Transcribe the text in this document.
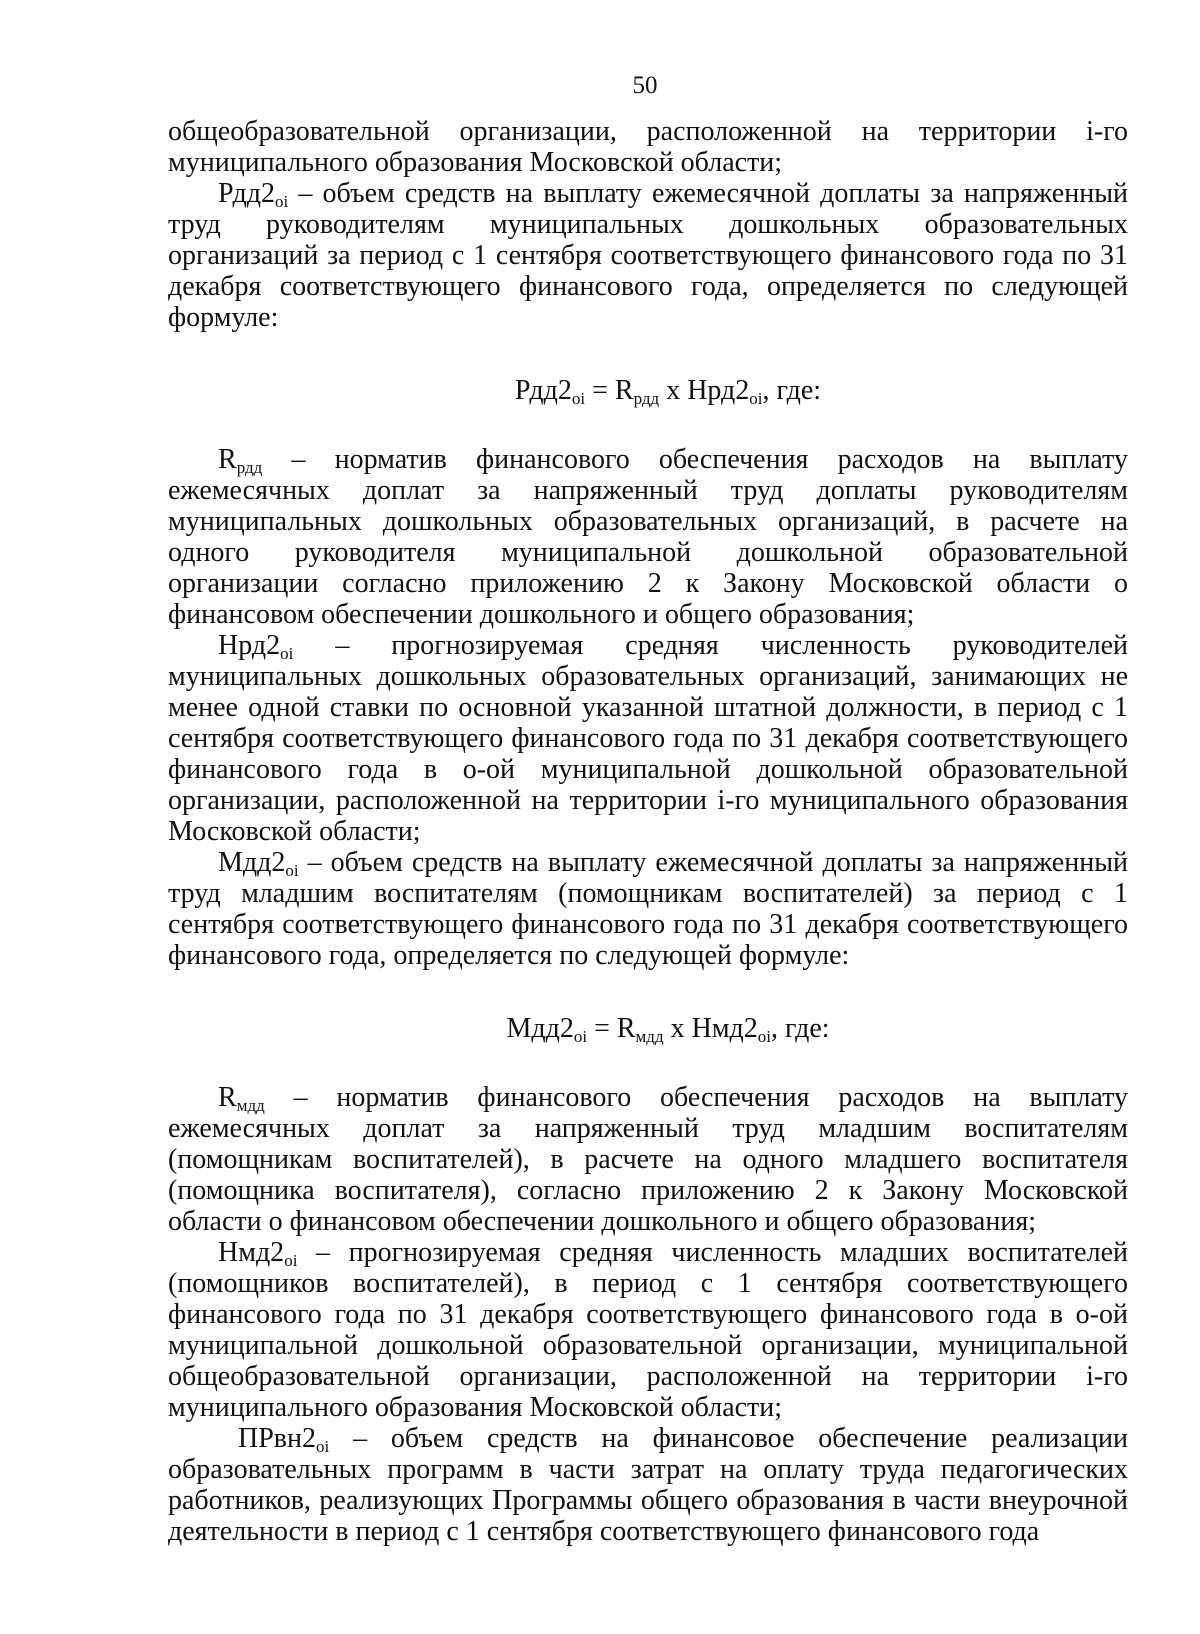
50

общеобразовательной организации, расположенной на территории i-го муниципального образования Московской области;

$Рдд2_{oi}$ – объем средств на выплату ежемесячной доплаты за напряженный труд руководителям муниципальных дошкольных образовательных организаций за период с 1 сентября соответствующего финансового года по 31 декабря соответствующего финансового года, определяется по следующей формуле:

$Рдд2_{oi} = R_{рдд}$ х $Нрд2_{oi}$, где:

$R_{рдд}$ – норматив финансового обеспечения расходов на выплату ежемесячных доплат за напряженный труд доплаты руководителям муниципальных дошкольных образовательных организаций, в расчете на одного руководителя муниципальной дошкольной образовательной организации согласно приложению 2 к Закону Московской области о финансовом обеспечении дошкольного и общего образования;

$Нрд2_{oi}$ – прогнозируемая средняя численность руководителей муниципальных дошкольных образовательных организаций, занимающих не менее одной ставки по основной указанной штатной должности, в период с 1 сентября соответствующего финансового года по 31 декабря соответствующего финансового года в о-ой муниципальной дошкольной образовательной организации, расположенной на территории i-го муниципального образования Московской области;

$Мдд2_{oi}$ – объем средств на выплату ежемесячной доплаты за напряженный труд младшим воспитателям (помощникам воспитателей) за период с 1 сентября соответствующего финансового года по 31 декабря соответствующего финансового года, определяется по следующей формуле:

$Мдд2_{oi} = R_{мдд}$ х $Нмд2_{oi}$, где:

$R_{мдд}$ – норматив финансового обеспечения расходов на выплату ежемесячных доплат за напряженный труд младшим воспитателям (помощникам воспитателей), в расчете на одного младшего воспитателя (помощника воспитателя), согласно приложению 2 к Закону Московской области о финансовом обеспечении дошкольного и общего образования;

$Нмд2_{oi}$ – прогнозируемая средняя численность младших воспитателей (помощников воспитателей), в период с 1 сентября соответствующего финансового года по 31 декабря соответствующего финансового года в о-ой муниципальной дошкольной образовательной организации, муниципальной общеобразовательной организации, расположенной на территории i-го муниципального образования Московской области;

$ПРвн2_{oi}$ – объем средств на финансовое обеспечение реализации образовательных программ в части затрат на оплату труда педагогических работников, реализующих Программы общего образования в части внеурочной деятельности в период с 1 сентября соответствующего финансового года
